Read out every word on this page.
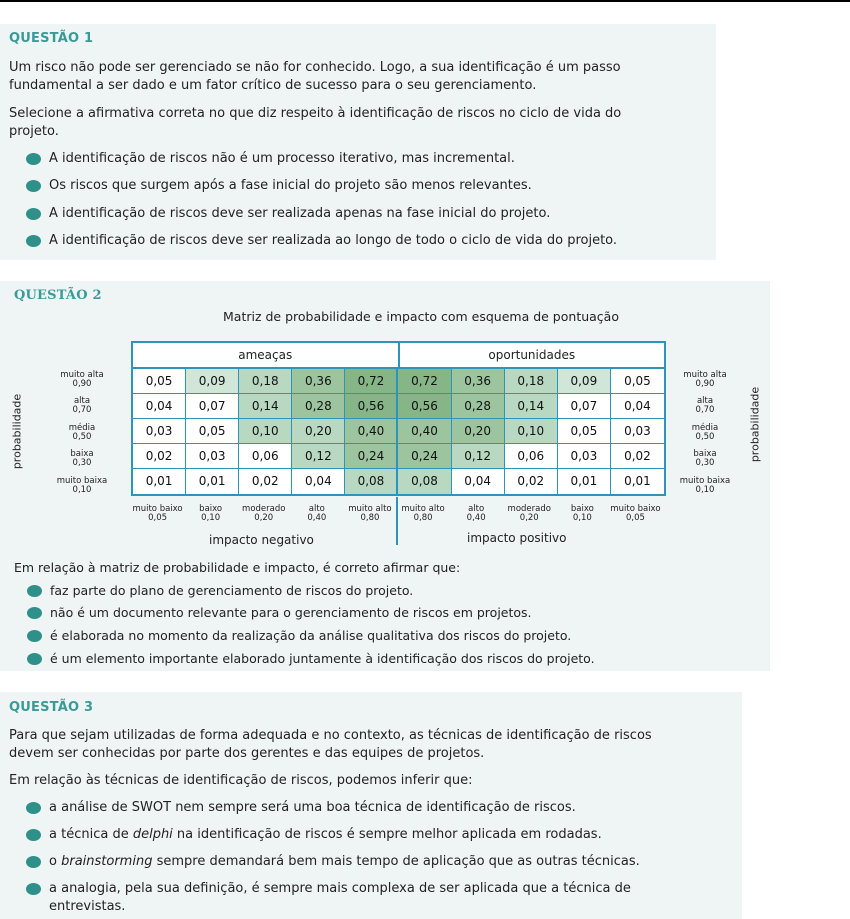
QUESTÃO 1
Um risco não pode ser gerenciado se não for conhecido. Logo, a sua identificação é um passo
fundamental a ser dado e um fator crítico de sucesso para o seu gerenciamento.
Selecione a afirmativa correta no que diz respeito à identificação de riscos no ciclo de vida do
projeto.
A identificação de riscos não é um processo iterativo, mas incremental.
Os riscos que surgem após a fase inicial do projeto são menos relevantes.
A identificação de riscos deve ser realizada apenas na fase inicial do projeto.
A identificação de riscos deve ser realizada ao longo de todo o ciclo de vida do projeto.
QUESTÃO 2
Matriz de probabilidade e impacto com esquema de pontuação
probabilidade	probabilidade
muito alta
0,90
alta
0,70
média
0,50
baixa
0,30
muito baixa
0,10
muito alta
0,90
alta
0,70
média
0,50
baixa
0,30
muito baixa
0,10
ameaças	oportunidades
0,05	0,09	0,18	0,36	0,72	0,72	0,36	0,18	0,09	0,05
0,04	0,07	0,14	0,28	0,56	0,56	0,28	0,14	0,07	0,04
0,03	0,05	0,10	0,20	0,40	0,40	0,20	0,10	0,05	0,03
0,02	0,03	0,06	0,12	0,24	0,24	0,12	0,06	0,03	0,02
0,01	0,01	0,02	0,04	0,08	0,08	0,04	0,02	0,01	0,01
muito baixo
0,05
baixo
0,10
moderado
0,20
alto
0,40
muito alto
0,80
muito alto
0,80
alto
0,40
moderado
0,20
baixo
0,10
muito baixo
0,05
impacto negativo	impacto positivo
Em relação à matriz de probabilidade e impacto, é correto afirmar que:
faz parte do plano de gerenciamento de riscos do projeto.
não é um documento relevante para o gerenciamento de riscos em projetos.
é elaborada no momento da realização da análise qualitativa dos riscos do projeto.
é um elemento importante elaborado juntamente à identificação dos riscos do projeto.
QUESTÃO 3
Para que sejam utilizadas de forma adequada e no contexto, as técnicas de identificação de riscos
devem ser conhecidas por parte dos gerentes e das equipes de projetos.
Em relação às técnicas de identificação de riscos, podemos inferir que:
a análise de SWOT nem sempre será uma boa técnica de identificação de riscos.
a técnica de delphi na identificação de riscos é sempre melhor aplicada em rodadas.
o brainstorming sempre demandará bem mais tempo de aplicação que as outras técnicas.
a analogia, pela sua definição, é sempre mais complexa de ser aplicada que a técnica de
entrevistas.
